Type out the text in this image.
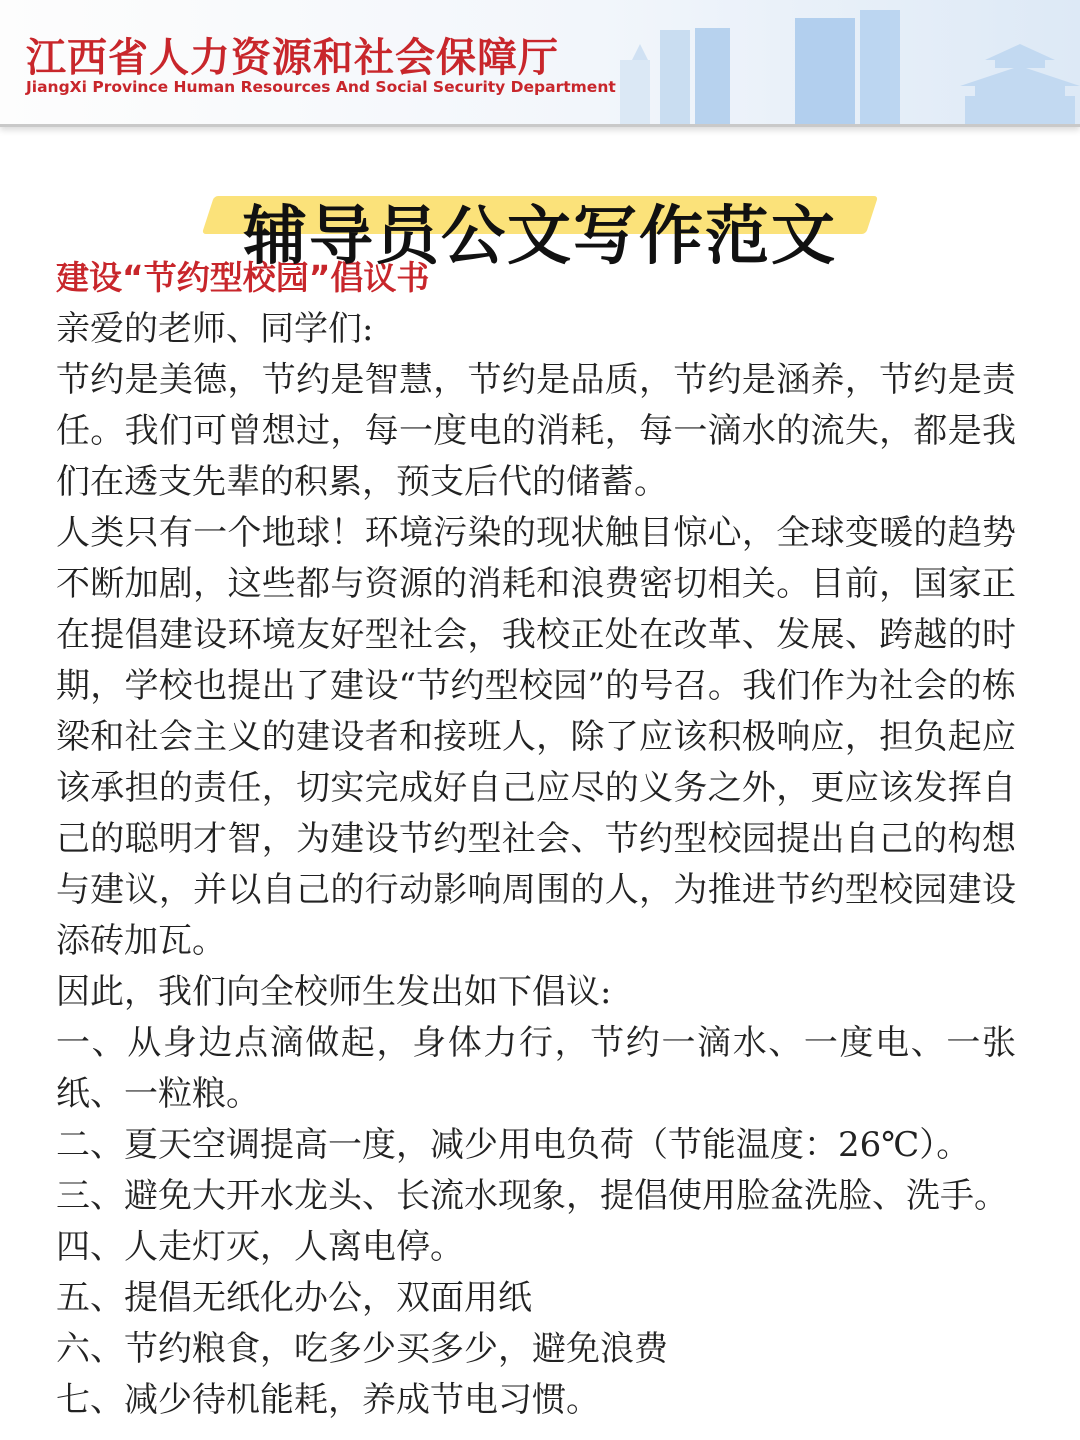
江西省人力资源和社会保障厅
JiangXi Province Human Resources And Social Security Department
辅导员公文写作范文
建设“节约型校园”倡议书

亲爱的老师、同学们:

节约是美德，节约是智慧，节约是品质，节约是涵养，节约是责任。我们可曾想过，每一度电的消耗，每一滴水的流失，都是我们在透支先辈的积累，预支后代的储蓄。

人类只有一个地球！环境污染的现状触目惊心，全球变暖的趋势不断加剧，这些都与资源的消耗和浪费密切相关。目前，国家正在提倡建设环境友好型社会，我校正处在改革、发展、跨越的时期，学校也提出了建设“节约型校园”的号召。我们作为社会的栋梁和社会主义的建设者和接班人，除了应该积极响应，担负起应该承担的责任，切实完成好自己应尽的义务之外，更应该发挥自己的聪明才智，为建设节约型社会、节约型校园提出自己的构想与建议，并以自己的行动影响周围的人，为推进节约型校园建设添砖加瓦。

因此，我们向全校师生发出如下倡议:

一、从身边点滴做起，身体力行，节约一滴水、一度电、一张纸、一粒粮。

二、夏天空调提高一度，减少用电负荷（节能温度：26℃）。

三、避免大开水龙头、长流水现象，提倡使用脸盆洗脸、洗手。

四、人走灯灭，人离电停。

五、提倡无纸化办公，双面用纸

六、节约粮食，吃多少买多少，避免浪费

七、减少待机能耗，养成节电习惯。
